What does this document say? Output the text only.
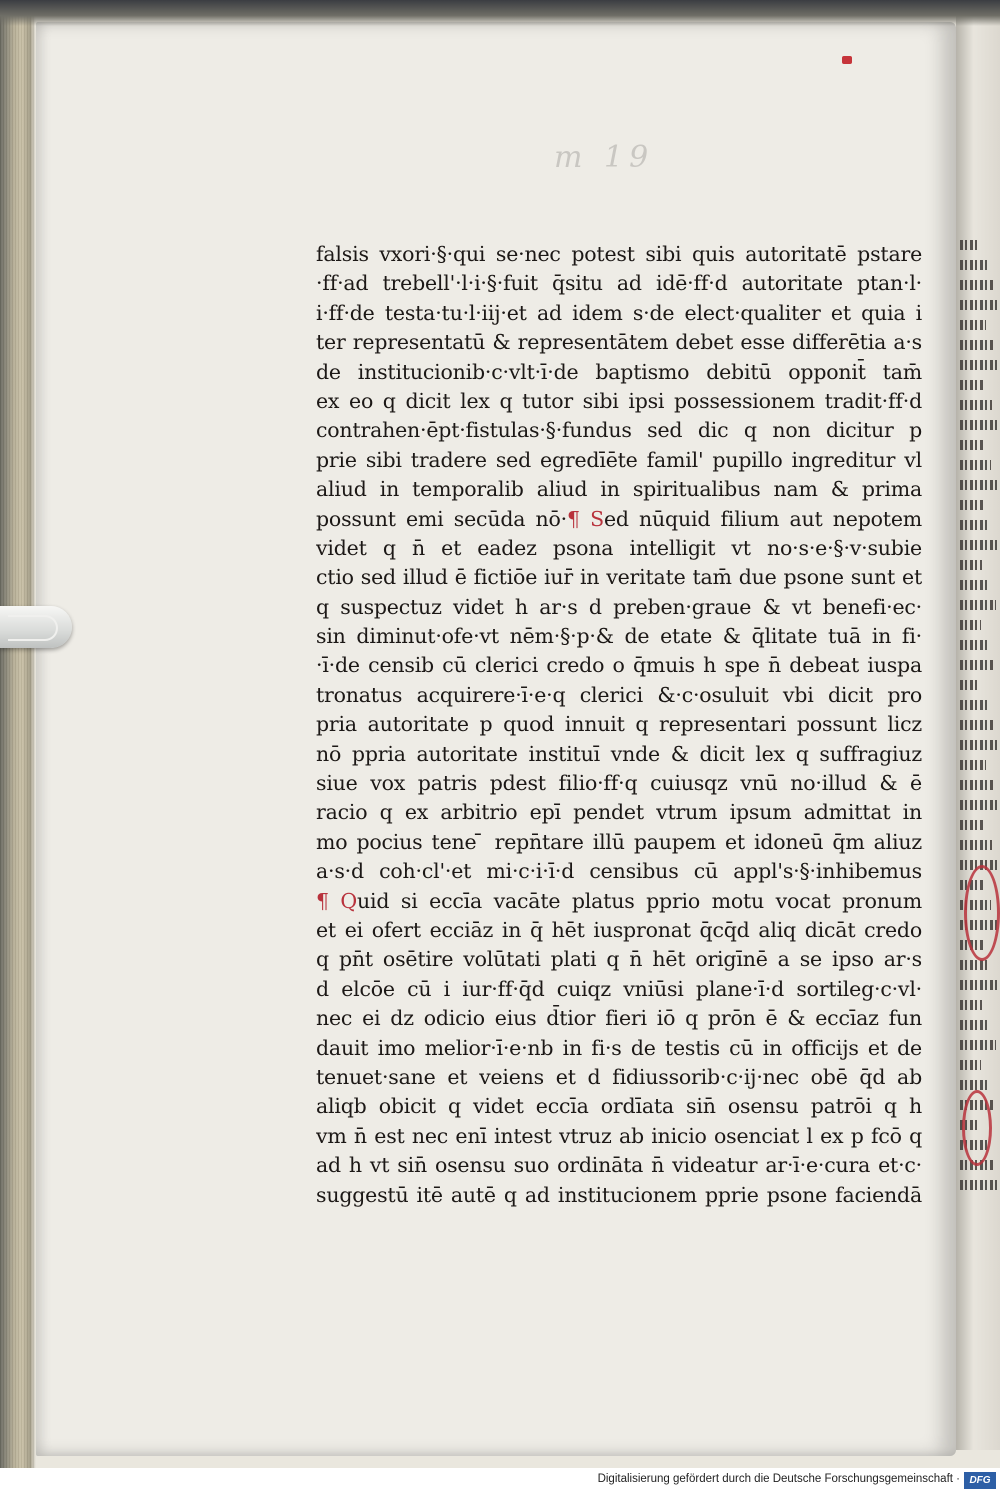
m 19
falsis vxori·§·qui se·nec potest sibi quis autoritatē pstare
·ff·ad trebell'·l·i·§·fuit q̄situ ad idē·ff·d autoritate ptan·l·
i·ff·de testa·tu·l·iij·et ad idem s·de elect·qualiter et quia i
ter representatū & representātem debet esse differētia a·s
de institucionib·c·vlt·ī·de baptismo debitū opponit̄ tam̄
ex eo q dicit lex q tutor sibi ipsi possessionem tradit·ff·d
contrahen·ēpt·fistulas·§·fundus sed dic q non dicitur p
prie sibi tradere sed egredīēte famil' pupillo ingreditur vl
aliud in temporalib aliud in spiritualibus nam & prima
possunt emi secūda nō·¶ Sed nūquid filium aut nepotem
videt q n̄ et eadez psona intelligit vt no·s·e·§·v·subie
ctio sed illud ē fictiōe iur̄ in veritate tam̄ due psone sunt et
q suspectuz videt h ar·s d preben·graue & vt benefi·ec·
sin diminut·ofe·vt nēm·§·p·& de etate & q̄litate tuā in fi·
·ī·de censib cū clerici credo o q̄muis h spe n̄ debeat iuspa
tronatus acquirere·ī·e·q clerici &·c·osuluit vbi dicit pro
pria autoritate p quod innuit q representari possunt licz
nō ppria autoritate instituī vnde & dicit lex q suffragiuz
siue vox patris pdest filio·ff·q cuiusqz vnū no·illud & ē
racio q ex arbitrio epī pendet vtrum ipsum admittat in
mo pocius tene ̄ repn̄tare illū paupem et idoneū q̄m aliuz
a·s·d coh·cl'·et mi·c·i·ī·d censibus cū appl's·§·inhibemus
¶ Quid si eccīa vacāte platus pprio motu vocat pronum
et ei ofert ecciāz in q̄ hēt iuspronat q̄cq̄d aliq dicāt credo
q pn̄t osētire volūtati plati q n̄ hēt origīnē a se ipso ar·s
d elcōe cū i iur·ff·q̄d cuiqz vniūsi plane·ī·d sortileg·c·vl·
nec ei dz odicio eius d̄tior fieri iō q prōn ē & eccīaz fun
dauit imo melior·ī·e·nb in fi·s de testis cū in officijs et de
tenuet·sane et veiens et d fidiussorib·c·ij·nec obē q̄d ab
aliqb obicit q videt eccīa ordīata sin̄ osensu patrōi q h
vm n̄ est nec enī intest vtruz ab inicio osenciat l ex p fcō q
ad h vt sin̄ osensu suo ordināta n̄ videatur ar·ī·e·cura et·c·
suggestū itē autē q ad institucionem pprie psone faciendā
Digitalisierung gefördert durch die Deutsche Forschungsgemeinschaft · DFG
